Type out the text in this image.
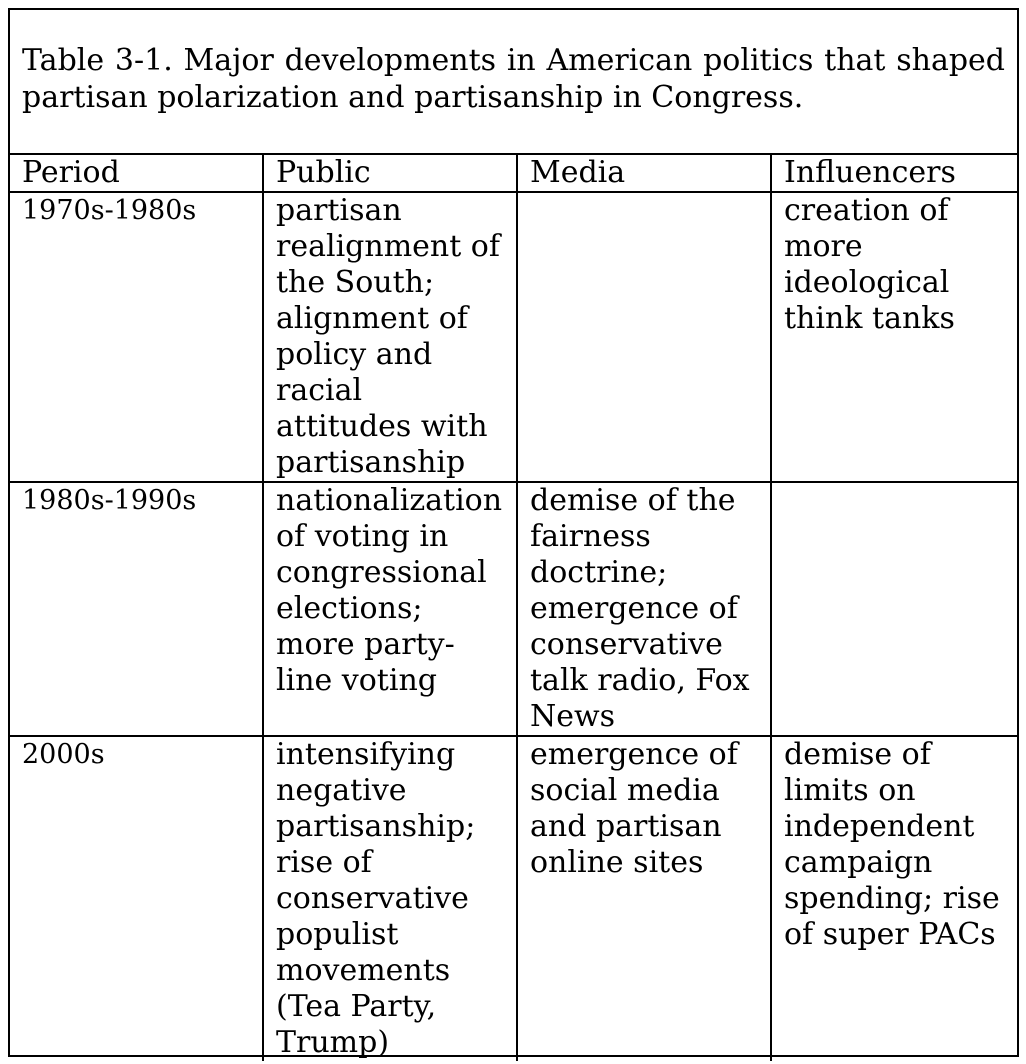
Table 3-1. Major developments in American politics that shaped partisan polarization and partisanship in Congress.

Period	Public	Media	Influencers
1970s-1980s	partisan realignment of the South; alignment of policy and racial attitudes with partisanship		creation of more ideological think tanks
1980s-1990s	nationalization of voting in congressional elections; more party-line voting	demise of the fairness doctrine; emergence of conservative talk radio, Fox News	
2000s	intensifying negative partisanship; rise of conservative populist movements (Tea Party, Trump)	emergence of social media and partisan online sites	demise of limits on independent campaign spending; rise of super PACs
